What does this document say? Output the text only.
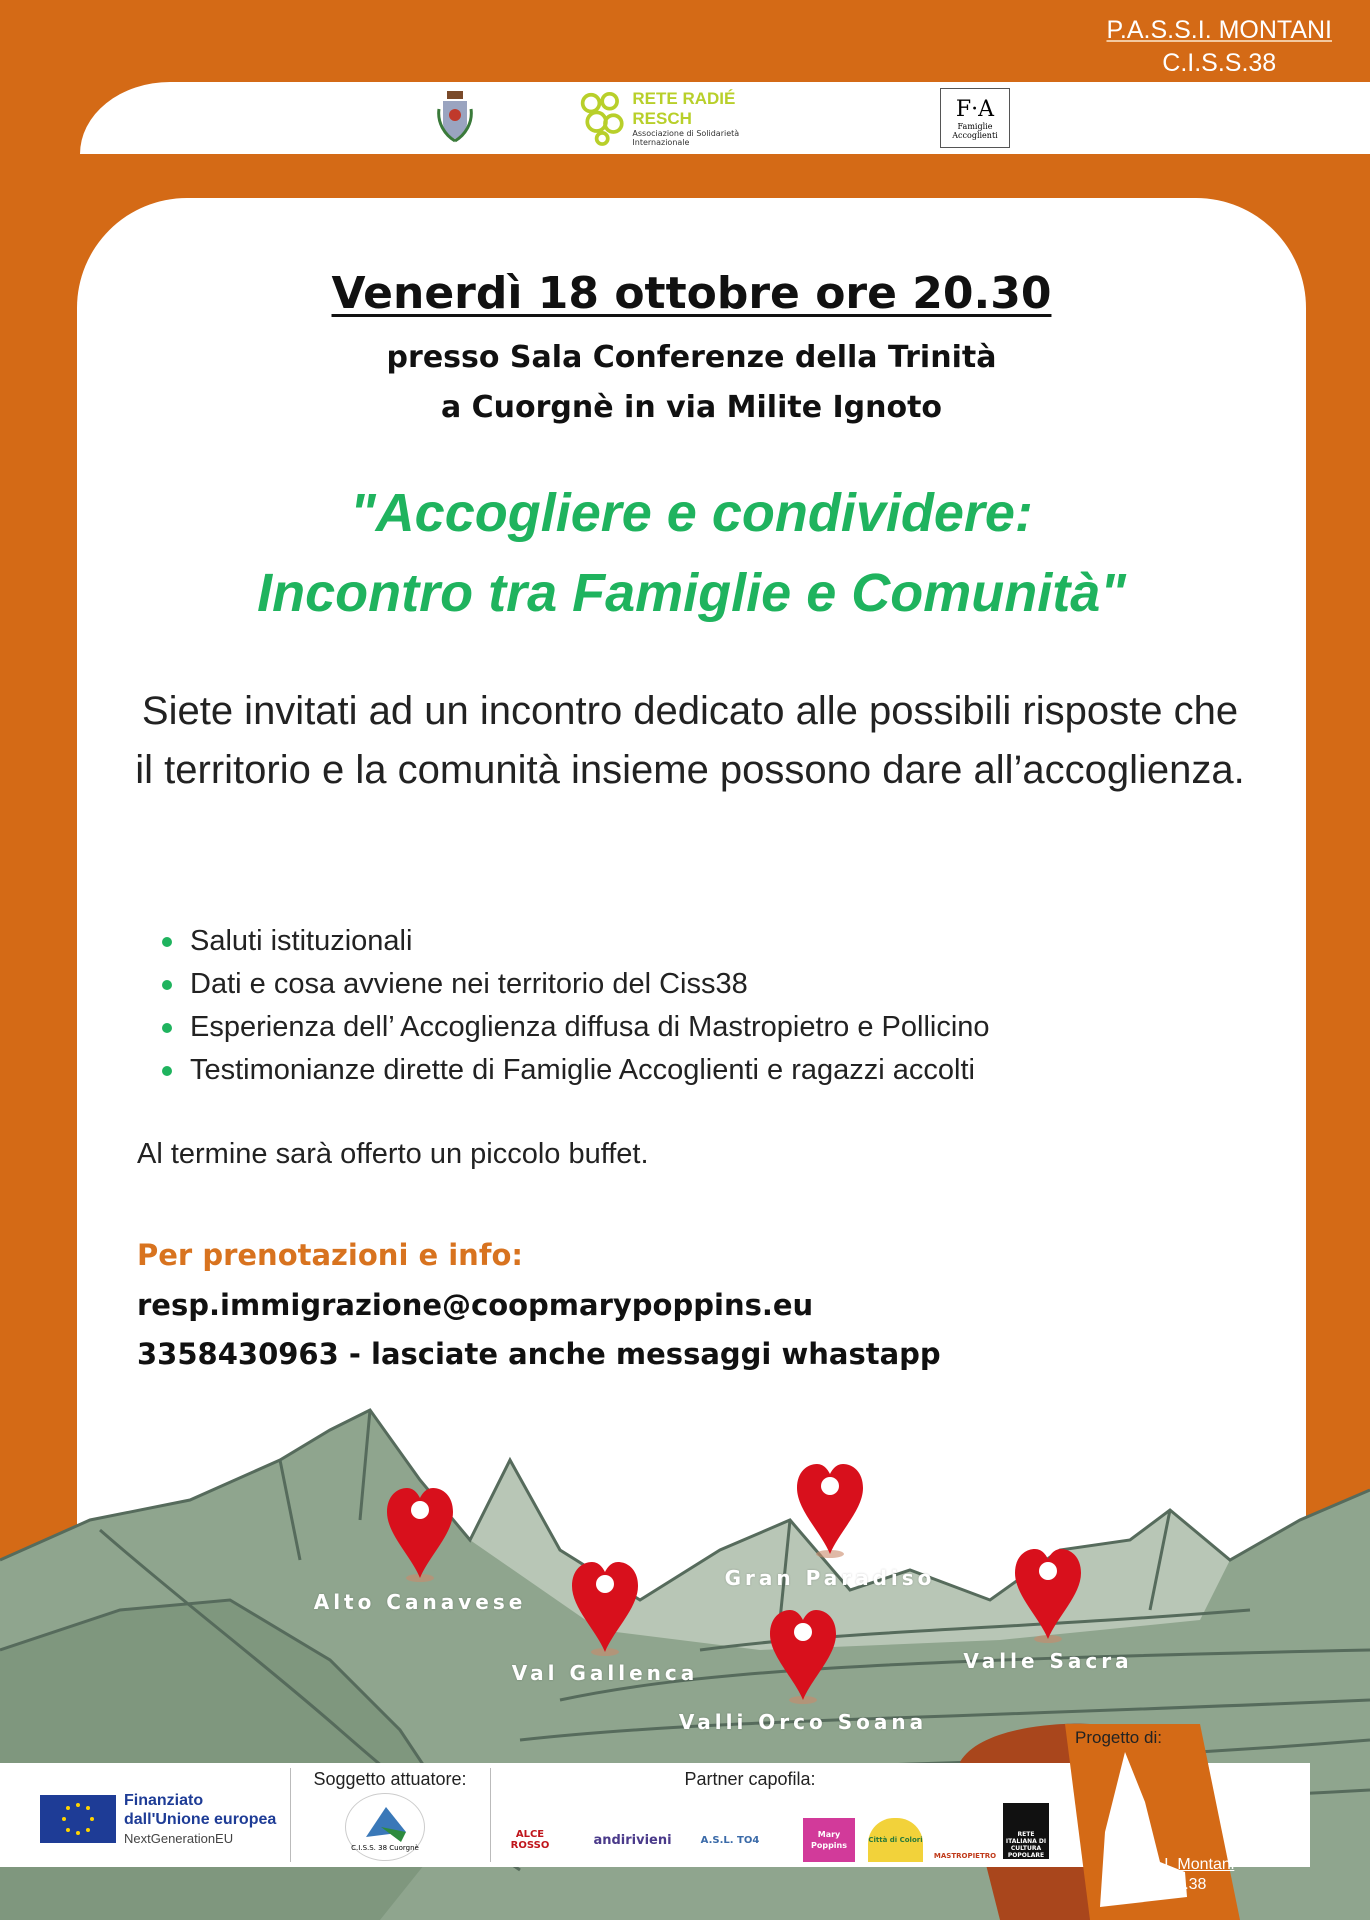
P.A.S.S.I. MONTANI
C.I.S.S.38
RETE RADIÉ RESCH
Associazione di Solidarietà Internazionale
F·A
Famiglie Accoglienti
Venerdì 18 ottobre ore 20.30
presso Sala Conferenze della Trinità
a Cuorgnè in via Milite Ignoto
"Accogliere e condividere:
Incontro tra Famiglie e Comunità"
Siete invitati ad un incontro dedicato alle possibili risposte che il territorio e la comunità insieme possono dare all’accoglienza.
Saluti istituzionali
Dati e cosa avviene nei territorio del Ciss38
Esperienza dell’ Accoglienza diffusa di Mastropietro e Pollicino
Testimonianze dirette di Famiglie Accoglienti e ragazzi accolti
Al termine sarà offerto un piccolo buffet.
Per prenotazioni e info:
resp.immigrazione@coopmarypoppins.eu
3358430963 - lasciate anche messaggi whastapp
Alto Canavese
Gran Paradiso
Val Gallenca
Valli Orco Soana
Valle Sacra
Finanziato
dall'Unione europea
NextGenerationEU
Soggetto attuatore:
C.I.S.S. 38 Cuorgnè
Partner capofila:
ALCE ROSSO	andirivieni	A.S.L. TO4	Mary Poppins
Città di Colori
MASTROPIETRO
RETE ITALIANA DI CULTURA POPOLARE
Progetto di:
P.A.S.S.I. Montani
C.I.S.S.38
